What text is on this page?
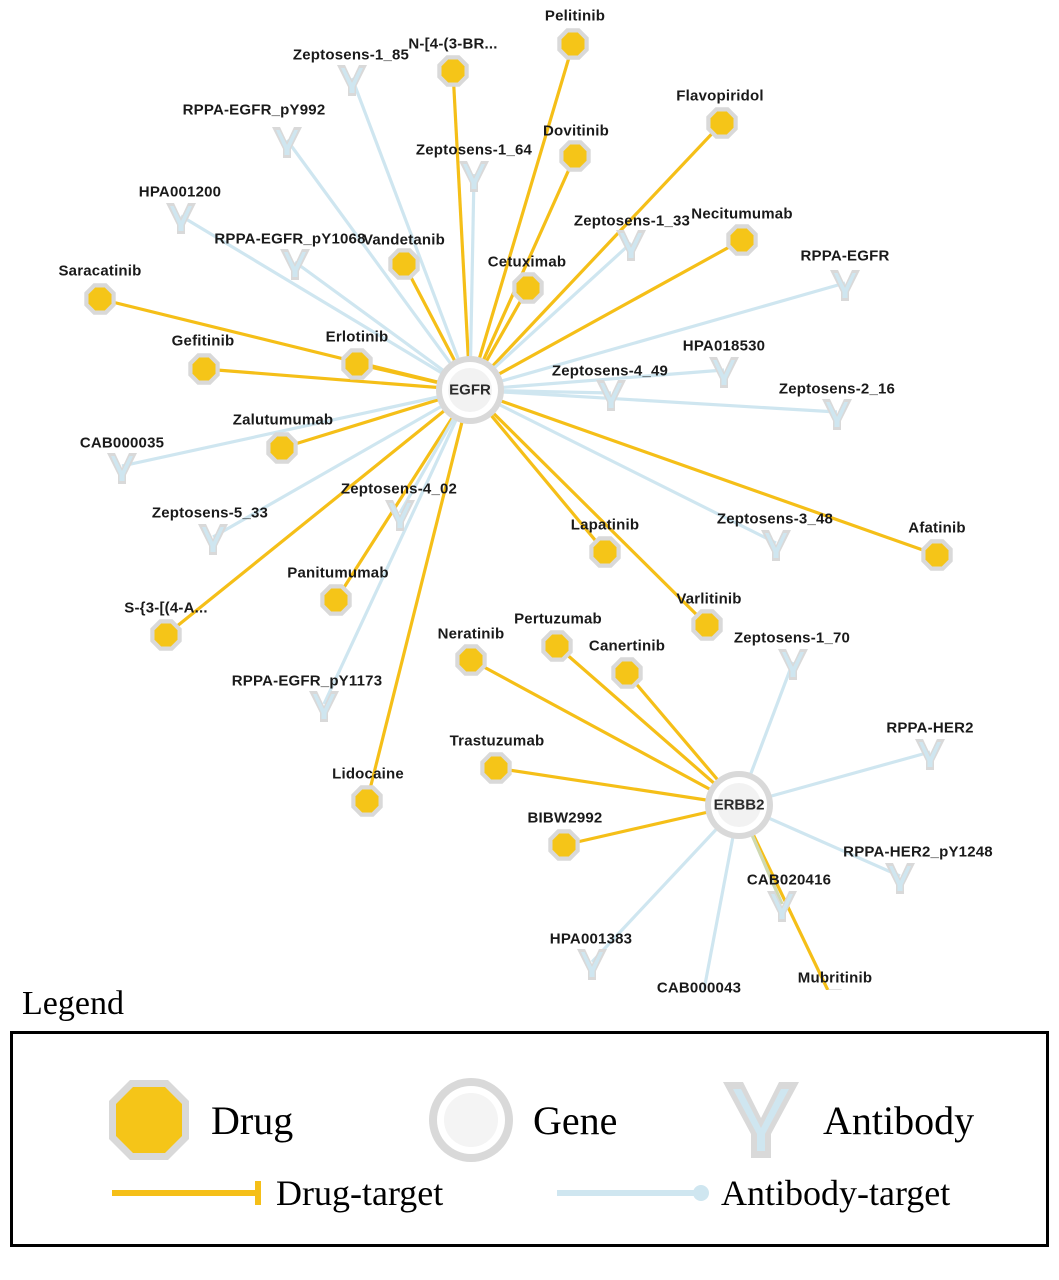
Pelitinib
N-[4-(3-BR...
Flavopiridol
Dovitinib
Vandetanib
Necitumumab
Cetuximab
Saracatinib
Gefitinib	Erlotinib
Zalutumumab
Afatinib
Lapatinib
Varlitinib
Panitumumab
S-{3-[(4-A...
Pertuzumab
Neratinib
Canertinib
Trastuzumab
Lidocaine
BIBW2992
Mubritinib
Zeptosens-1_85
RPPA-EGFR_pY992
Zeptosens-1_64
HPA001200
Zeptosens-1_33
RPPA-EGFR_pY1068
RPPA-EGFR
HPA018530
Zeptosens-4_49
Zeptosens-2_16
CAB000035
Zeptosens-4_02
Zeptosens-5_33	Zeptosens-3_48
Zeptosens-1_70
RPPA-EGFR_pY1173
RPPA-HER2
RPPA-HER2_pY1248
CAB020416
HPA001383
CAB000043
EGFR
ERBB2
Legend
Drug	Gene	Antibody
Drug-target	Antibody-target
